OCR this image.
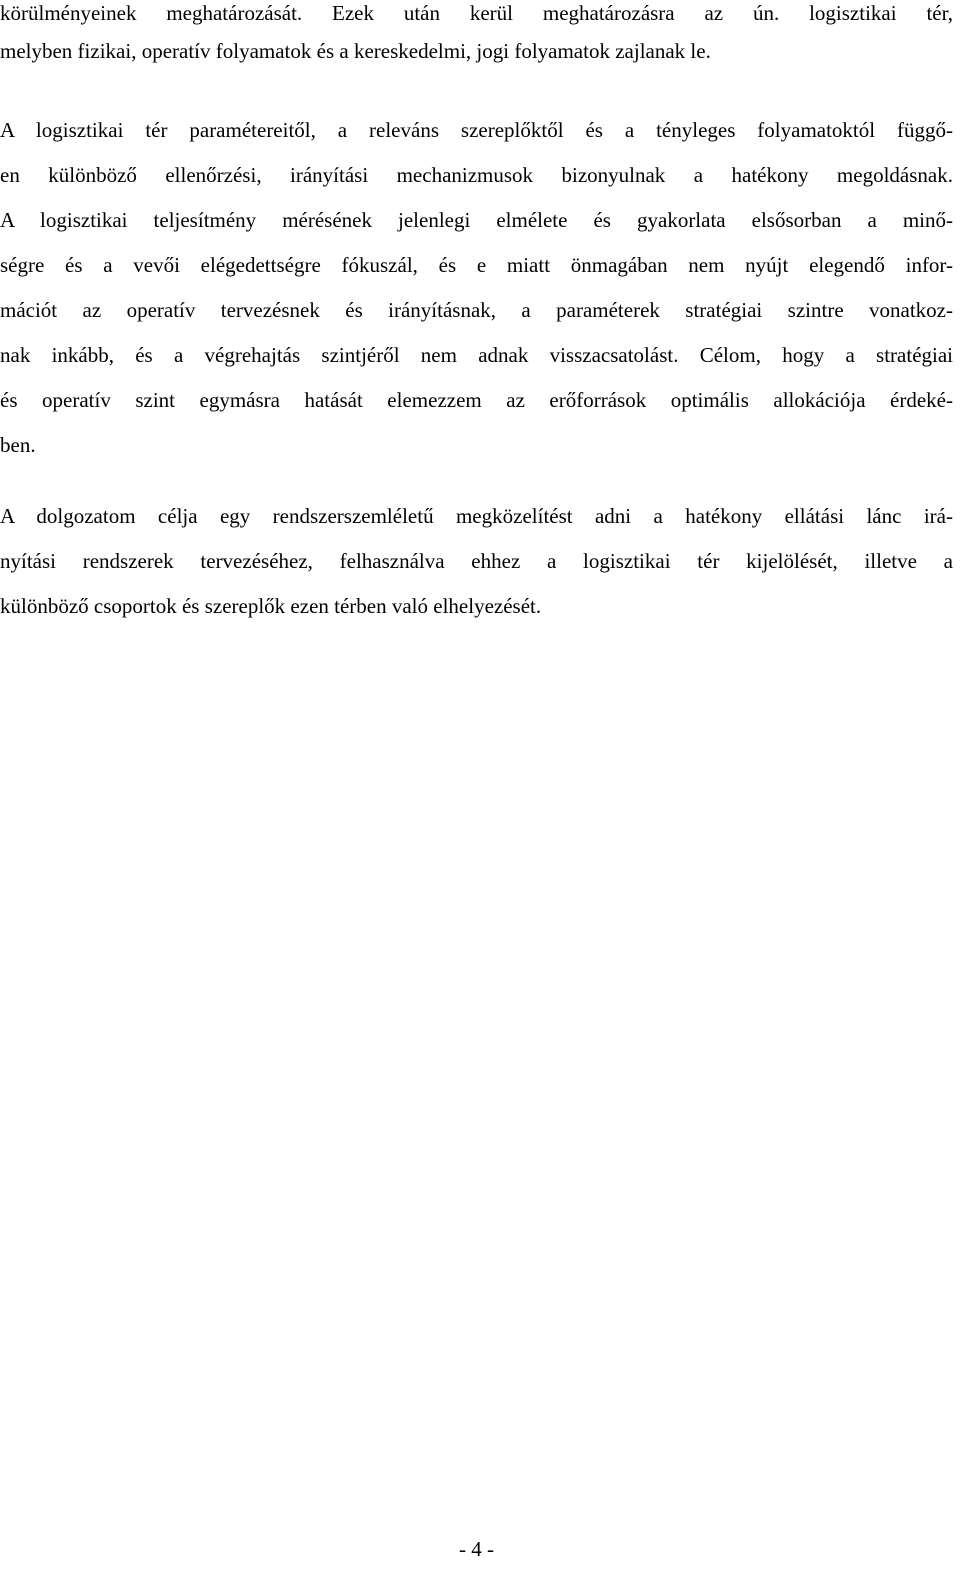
körülményeinek meghatározását. Ezek után kerül meghatározásra az ún. logisztikai tér,
melyben fizikai, operatív folyamatok és a kereskedelmi, jogi folyamatok zajlanak le.
A logisztikai tér paramétereitől, a releváns szereplőktől és a tényleges folyamatoktól függő-
en különböző ellenőrzési, irányítási mechanizmusok bizonyulnak a hatékony megoldásnak.
A logisztikai teljesítmény mérésének jelenlegi elmélete és gyakorlata elsősorban a minő-
ségre és a vevői elégedettségre fókuszál, és e miatt önmagában nem nyújt elegendő infor-
mációt az operatív tervezésnek és irányításnak, a paraméterek stratégiai szintre vonatkoz-
nak inkább, és a végrehajtás szintjéről nem adnak visszacsatolást. Célom, hogy a stratégiai
és operatív szint egymásra hatását elemezzem az erőforrások optimális allokációja érdeké-
ben.
A dolgozatom célja egy rendszerszemléletű megközelítést adni a hatékony ellátási lánc irá-
nyítási rendszerek tervezéséhez, felhasználva ehhez a logisztikai tér kijelölését, illetve a
különböző csoportok és szereplők ezen térben való elhelyezését.
- 4 -
